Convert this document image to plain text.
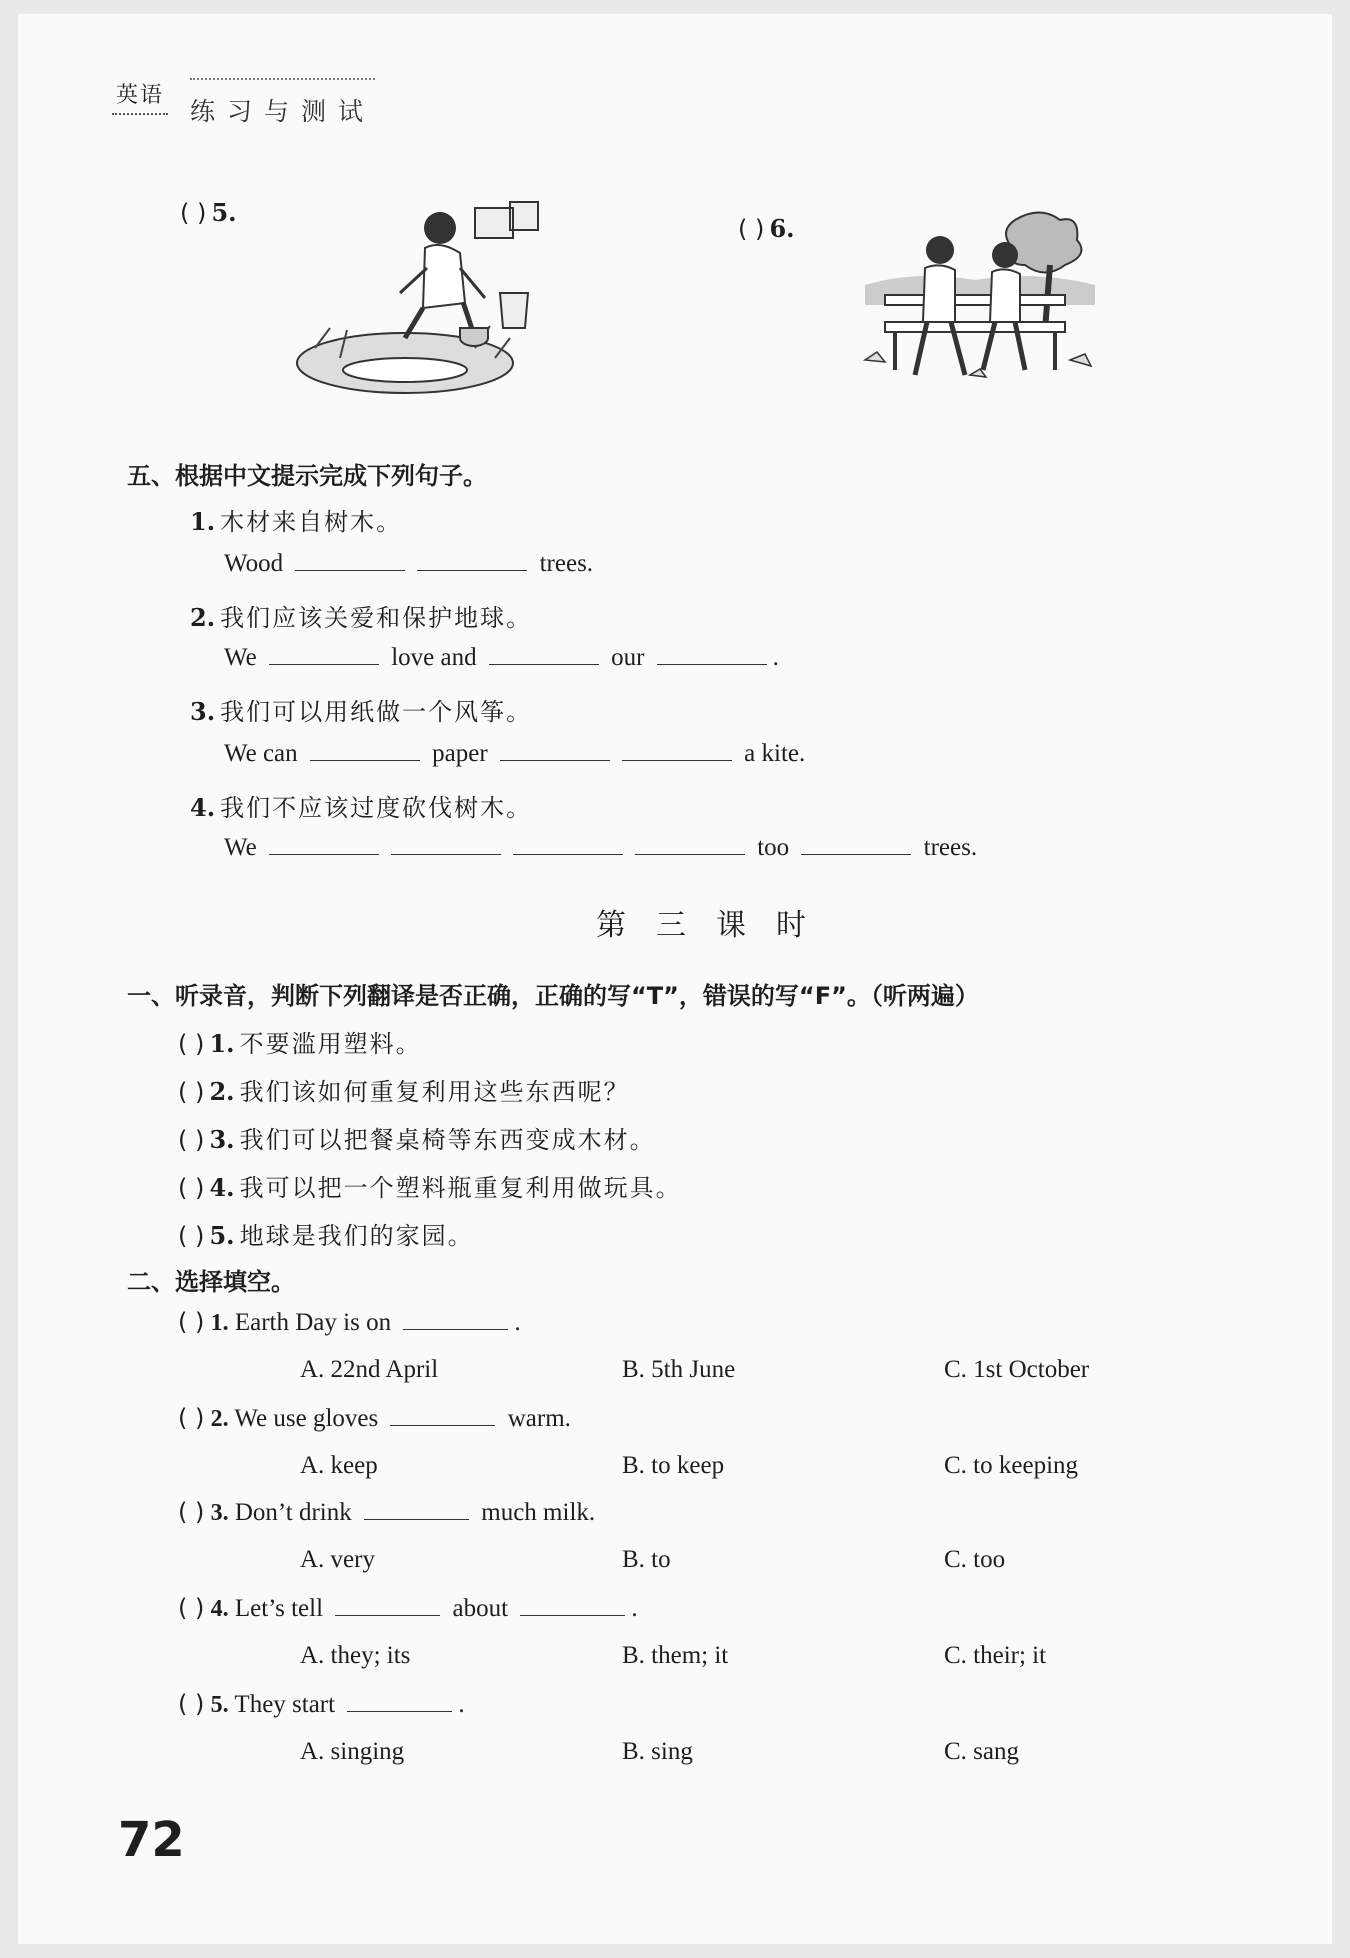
英语
练习与测试
( ) 5.
( ) 6.
五、根据中文提示完成下列句子。
1. 木材来自树木。
Wood	trees.
2. 我们应该关爱和保护地球。
We	love and	our	.
3. 我们可以用纸做一个风筝。
We can	paper	a kite.
4. 我们不应该过度砍伐树木。
We	too	trees.
第三课时
一、听录音，判断下列翻译是否正确，正确的写“T”，错误的写“F”。（听两遍）
( ) 1. 不要滥用塑料。
( ) 2. 我们该如何重复利用这些东西呢？
( ) 3. 我们可以把餐桌椅等东西变成木材。
( ) 4. 我可以把一个塑料瓶重复利用做玩具。
( ) 5. 地球是我们的家园。
二、选择填空。
( ) 1. Earth Day is on	.
A. 22nd April	B. 5th June	C. 1st October
( ) 2. We use gloves	warm.
A. keep	B. to keep	C. to keeping
( ) 3. Don’t drink	much milk.
A. very	B. to	C. too
( ) 4. Let’s tell	about	.
A. they; its	B. them; it	C. their; it
( ) 5. They start	.
A. singing	B. sing	C. sang
72
